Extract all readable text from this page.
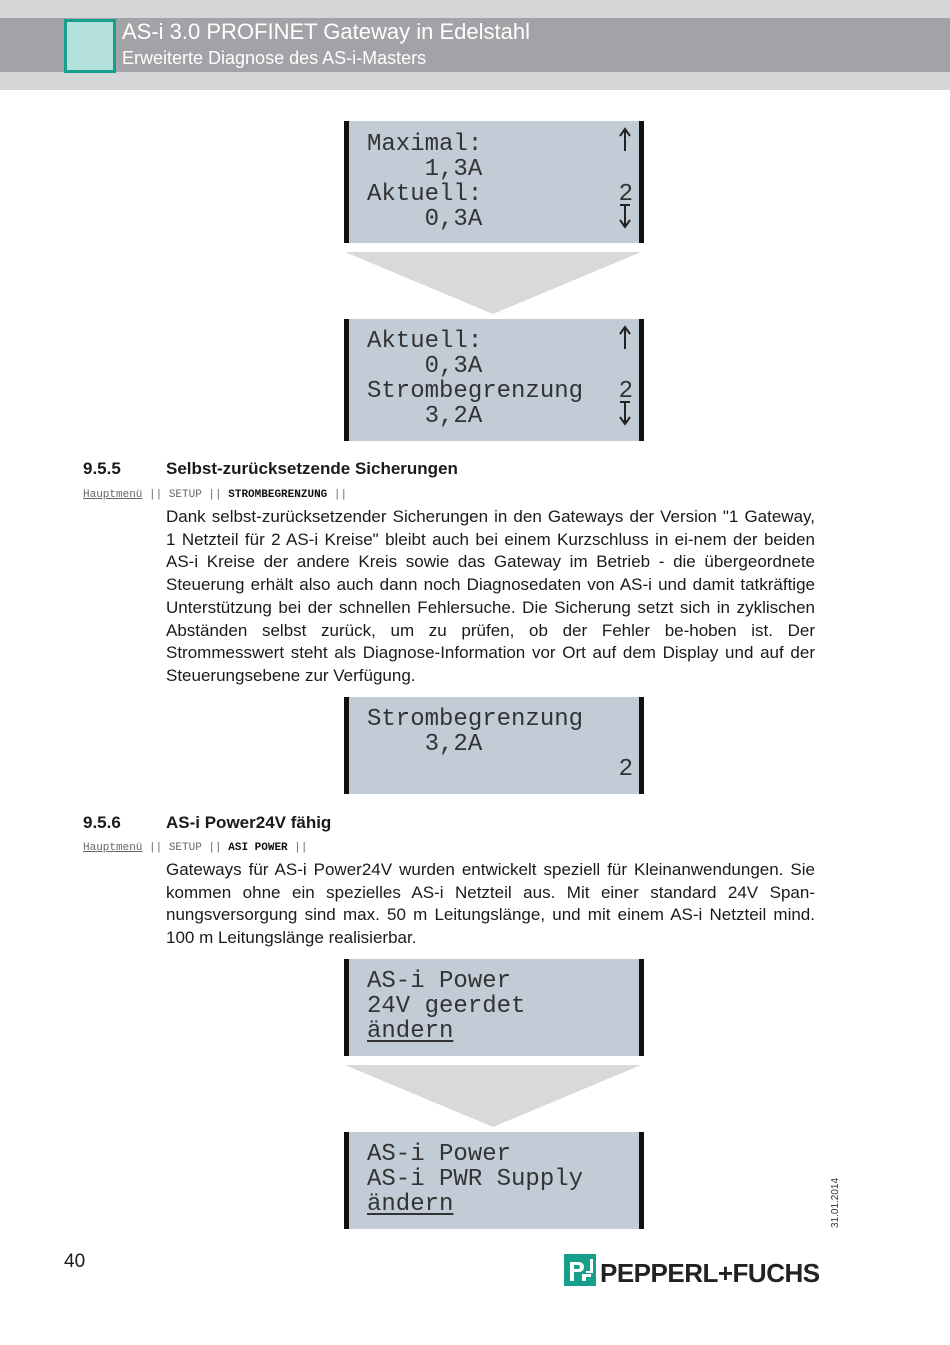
AS-i 3.0 PROFINET Gateway in Edelstahl
Erweiterte Diagnose des AS-i-Masters
Maximal:
1,3A
Aktuell:
0,3A
2
Aktuell:
0,3A
Strombegrenzung
3,2A
2
9.5.5	Selbst-zurücksetzende Sicherungen
Hauptmenü || SETUP || STROMBEGRENZUNG ||
Dank selbst-zurücksetzender Sicherungen in den Gateways der Version "1 Gateway, 1 Netzteil für 2 AS-i Kreise" bleibt auch bei einem Kurzschluss in ei-nem der beiden AS-i Kreise der andere Kreis sowie das Gateway im Betrieb - die übergeordnete Steuerung erhält also auch dann noch Diagnosedaten von AS-i und damit tatkräftige Unterstützung bei der schnellen Fehlersuche. Die Sicherung setzt sich in zyklischen Abständen selbst zurück, um zu prüfen, ob der Fehler be-hoben ist. Der Strommesswert steht als Diagnose-Information vor Ort auf dem Display und auf der Steuerungsebene zur Verfügung.
Strombegrenzung
3,2A
2
9.5.6	AS-i Power24V fähig
Hauptmenü || SETUP || ASI POWER ||
Gateways für AS-i Power24V wurden entwickelt speziell für Kleinanwendungen. Sie kommen ohne ein spezielles AS-i Netzteil aus. Mit einer standard 24V Span-nungsversorgung sind max. 50 m Leitungslänge, und mit einem AS-i Netzteil mind. 100 m Leitungslänge realisierbar.
AS-i Power
24V geerdet
ändern
AS-i Power
AS-i PWR Supply
ändern	31.01.2014
40	PEPPERL+FUCHS
